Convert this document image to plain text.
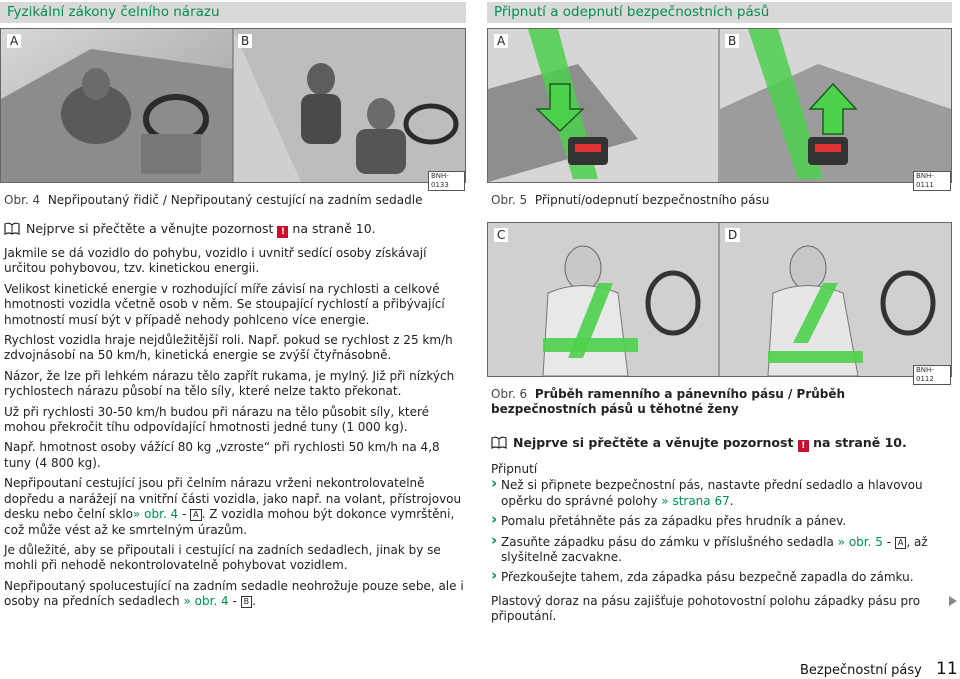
Fyzikální zákony čelního nárazu
A	B
BNH-0133
Obr. 4 Nepřipoutaný řidič / Nepřipoutaný cestující na zadním sedadle
Nejprve si přečtěte a věnujte pozornost ! na straně 10.

Jakmile se dá vozidlo do pohybu, vozidlo i uvnitř sedící osoby získávají určitou pohybovou, tzv. kinetickou energii.

Velikost kinetické energie v rozhodující míře závisí na rychlosti a celkové hmotnosti vozidla včetně osob v něm. Se stoupající rychlostí a přibývající hmotností musí být v případě nehody pohlceno více energie.

Rychlost vozidla hraje nejdůležitější roli. Např. pokud se rychlost z 25 km/h zdvojnásobí na 50 km/h, kinetická energie se zvýší čtyřnásobně.

Názor, že lze při lehkém nárazu tělo zapřít rukama, je mylný. Již při nízkých rychlostech nárazu působí na tělo síly, které nelze takto překonat.

Už při rychlosti 30-50 km/h budou při nárazu na tělo působit síly, které mohou překročit tíhu odpovídající hmotnosti jedné tuny (1 000 kg).

Např. hmotnost osoby vážící 80 kg „vzroste“ při rychlosti 50 km/h na 4,8 tuny (4 800 kg).

Nepřipoutaní cestující jsou při čelním nárazu vrženi nekontrolovatelně dopředu a narážejí na vnitřní části vozidla, jako např. na volant, přístrojovou desku nebo čelní sklo» obr. 4 - A . Z vozidla mohou být dokonce vymrštěni, což může vést až ke smrtelným úrazům.

Je důležité, aby se připoutali i cestující na zadních sedadlech, jinak by se mohli při nehodě nekontrolovatelně pohybovat vozidlem.

Nepřipoutaný spolucestující na zadním sedadle neohrožuje pouze sebe, ale i osoby na předních sedadlech » obr. 4 - B .

Připnutí a odepnutí bezpečnostních pásů
A	B
BNH-0111
Obr. 5 Připnutí/odepnutí bezpečnostního pásu
C	D
BNH-0112
Obr. 6 Průběh ramenního a pánevního pásu / Průběh bezpečnostních pásů u těhotné ženy
Nejprve si přečtěte a věnujte pozornost ! na straně 10.

Připnutí

› Než si připnete bezpečnostní pás, nastavte přední sedadlo a hlavovou opěrku do správné polohy » strana 67.

› Pomalu přetáhněte pás za západku přes hrudník a pánev.

› Zasuňte západku pásu do zámku v příslušného sedadla » obr. 5 - A , až slyšitelně zacvakne.

› Přezkoušejte tahem, zda západka pásu bezpečně zapadla do zámku.

Plastový doraz na pásu zajišťuje pohotovostní polohu západky pásu pro připoutání.

Bezpečnostní pásy 11
